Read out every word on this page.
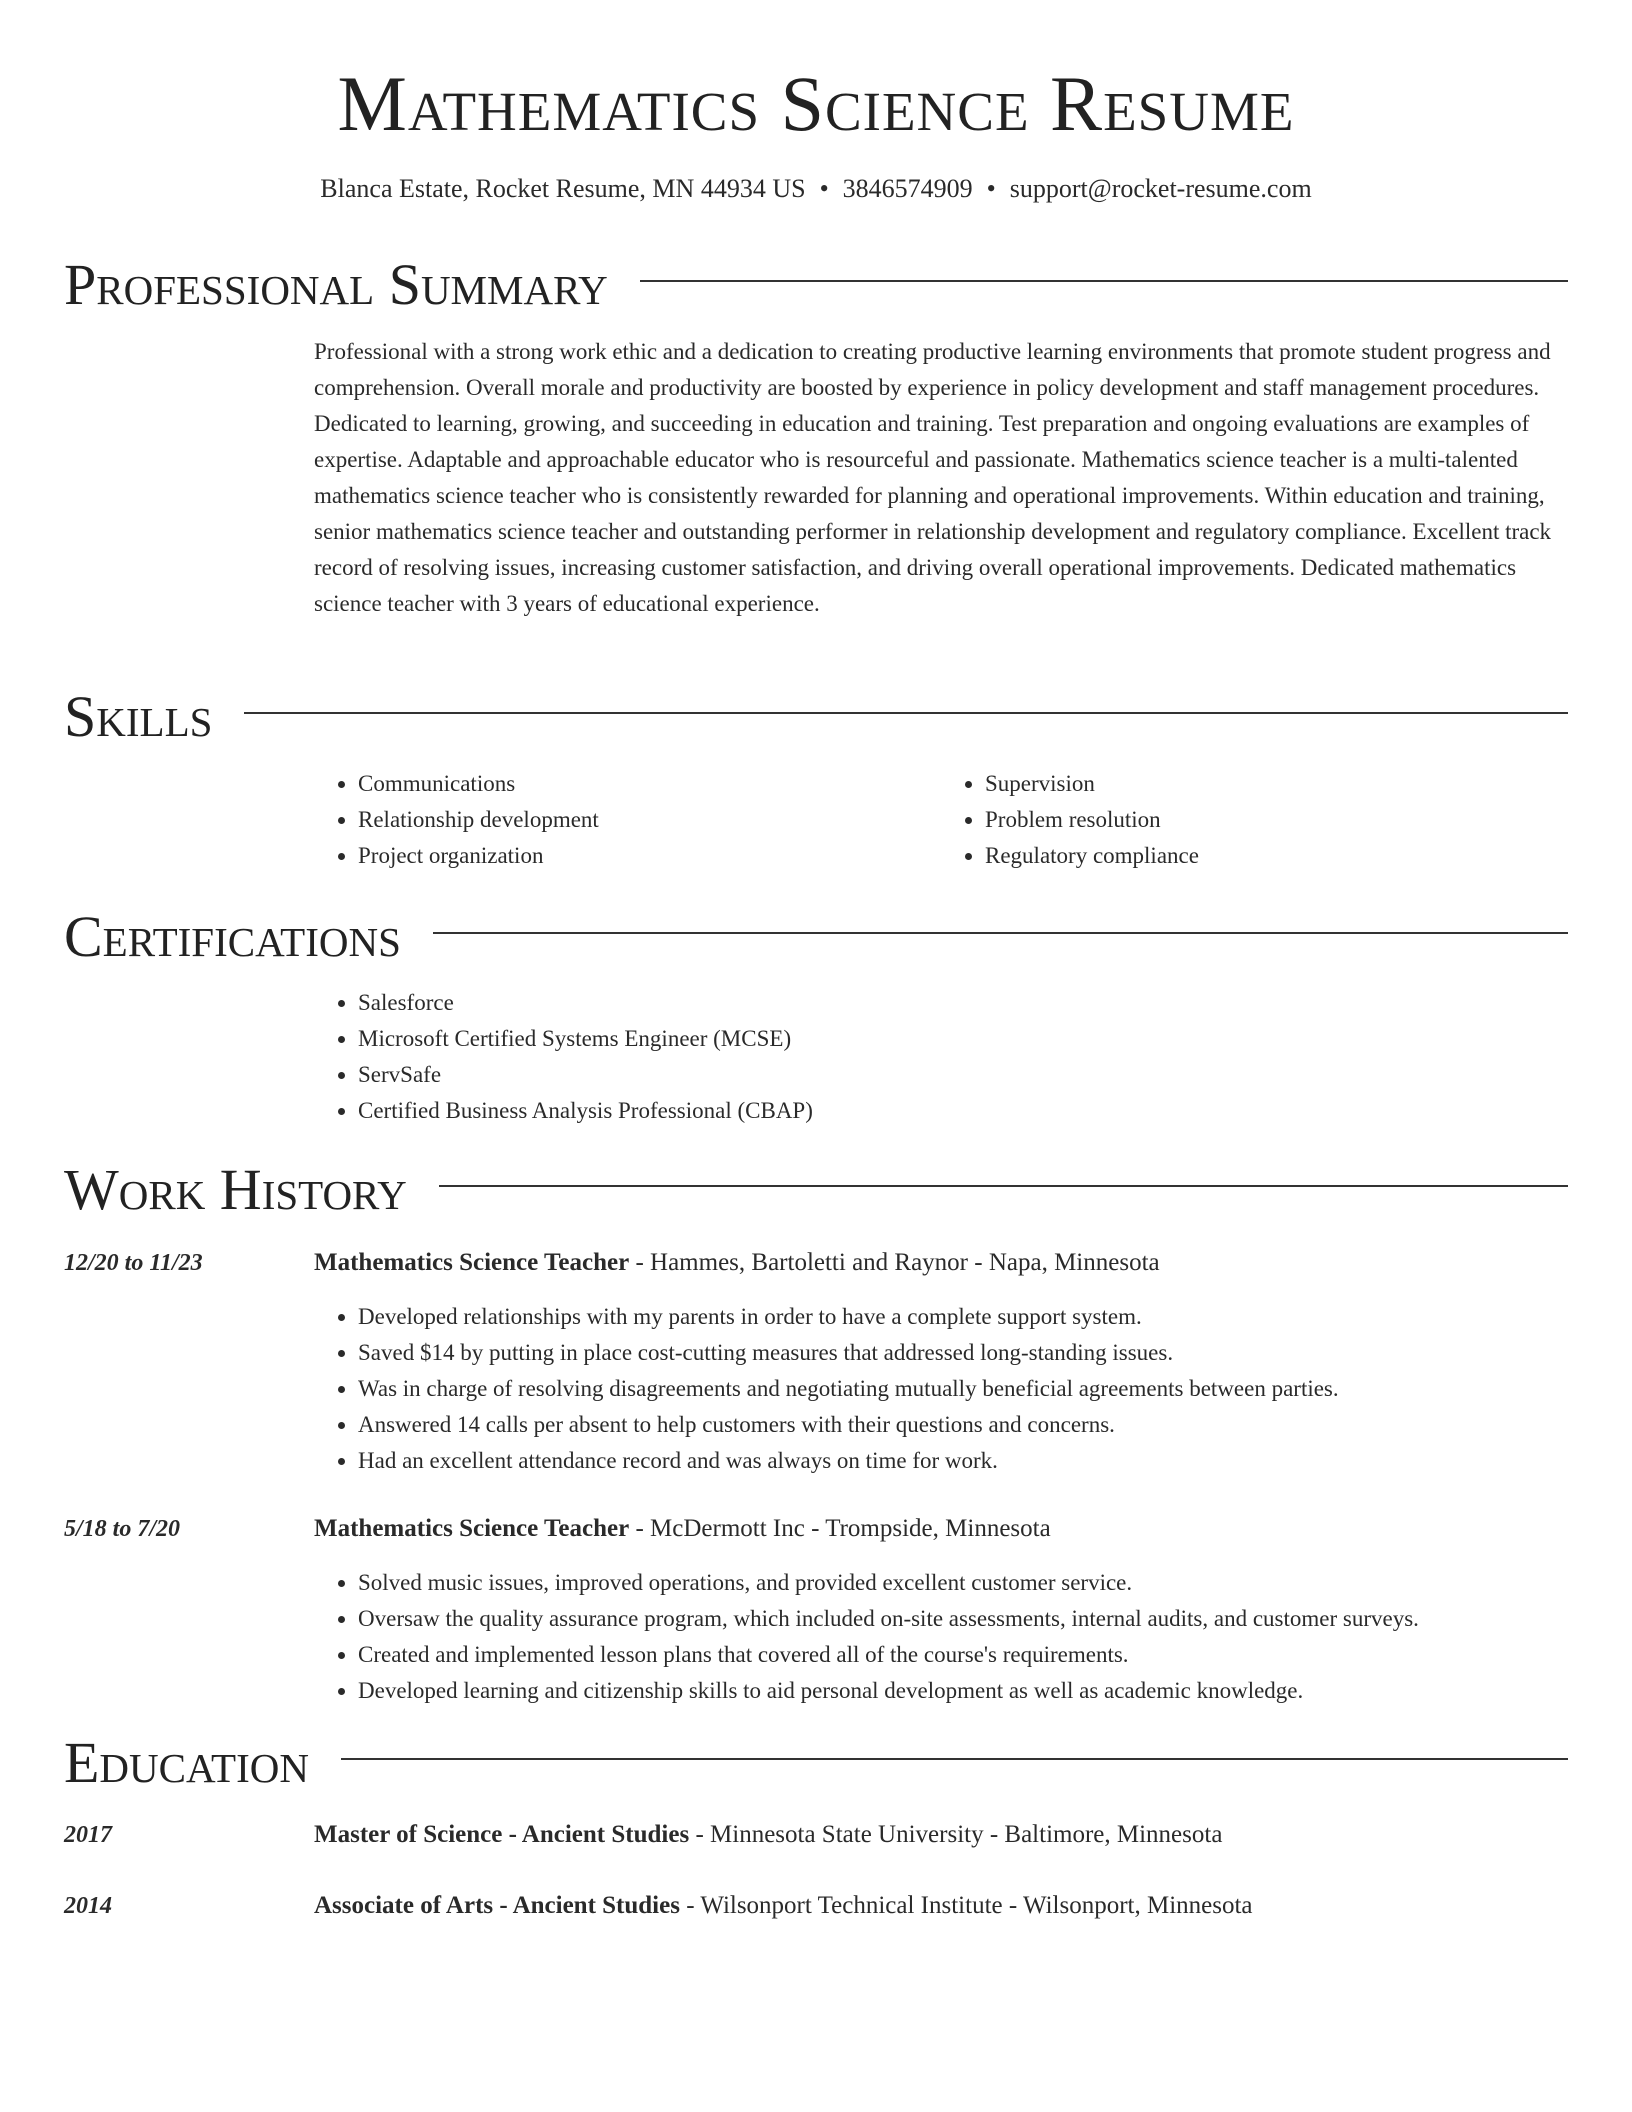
Mathematics Science Resume
Blanca Estate, Rocket Resume, MN 44934 US • 3846574909 • support@rocket-resume.com
Professional Summary
Professional with a strong work ethic and a dedication to creating productive learning environments that promote student progress and comprehension. Overall morale and productivity are boosted by experience in policy development and staff management procedures. Dedicated to learning, growing, and succeeding in education and training. Test preparation and ongoing evaluations are examples of expertise. Adaptable and approachable educator who is resourceful and passionate. Mathematics science teacher is a multi-talented mathematics science teacher who is consistently rewarded for planning and operational improvements. Within education and training, senior mathematics science teacher and outstanding performer in relationship development and regulatory compliance. Excellent track record of resolving issues, increasing customer satisfaction, and driving overall operational improvements. Dedicated mathematics science teacher with 3 years of educational experience.
Skills
• Communications
• Relationship development
• Project organization
• Supervision
• Problem resolution
• Regulatory compliance
Certifications
• Salesforce
• Microsoft Certified Systems Engineer (MCSE)
• ServSafe
• Certified Business Analysis Professional (CBAP)
Work History
12/20 to 11/23	Mathematics Science Teacher - Hammes, Bartoletti and Raynor - Napa, Minnesota
• Developed relationships with my parents in order to have a complete support system.
• Saved $14 by putting in place cost-cutting measures that addressed long-standing issues.
• Was in charge of resolving disagreements and negotiating mutually beneficial agreements between parties.
• Answered 14 calls per absent to help customers with their questions and concerns.
• Had an excellent attendance record and was always on time for work.
5/18 to 7/20	Mathematics Science Teacher - McDermott Inc - Trompside, Minnesota
• Solved music issues, improved operations, and provided excellent customer service.
• Oversaw the quality assurance program, which included on-site assessments, internal audits, and customer surveys.
• Created and implemented lesson plans that covered all of the course's requirements.
• Developed learning and citizenship skills to aid personal development as well as academic knowledge.
Education
2017	Master of Science - Ancient Studies - Minnesota State University - Baltimore, Minnesota
2014	Associate of Arts - Ancient Studies - Wilsonport Technical Institute - Wilsonport, Minnesota
